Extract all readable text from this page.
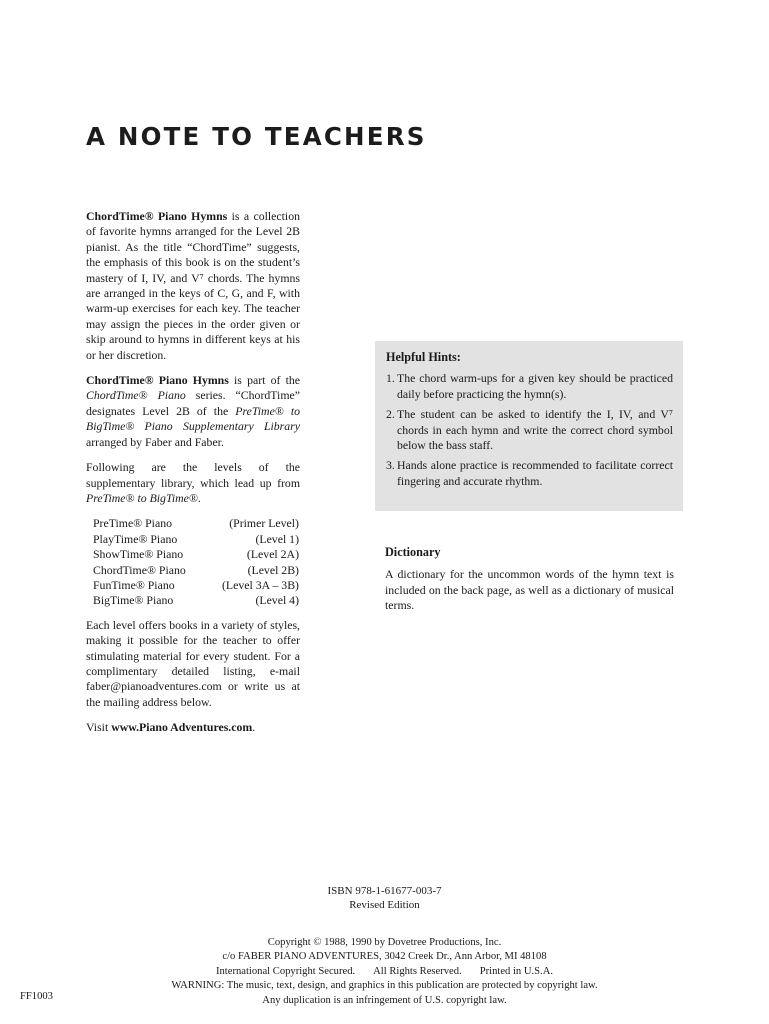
A NOTE TO TEACHERS

ChordTime® Piano Hymns is a collection of favorite hymns arranged for the Level 2B pianist. As the title “ChordTime” suggests, the emphasis of this book is on the student’s mastery of I, IV, and V⁷ chords. The hymns are arranged in the keys of C, G, and F, with warm-up exercises for each key. The teacher may assign the pieces in the order given or skip around to hymns in different keys at his or her discretion.

ChordTime® Piano Hymns is part of the ChordTime® Piano series. “ChordTime” designates Level 2B of the PreTime® to BigTime® Piano Supplementary Library arranged by Faber and Faber.

Following are the levels of the supplementary library, which lead up from PreTime® to BigTime®.

PreTime® Piano	(Primer Level)
PlayTime® Piano	(Level 1)
ShowTime® Piano	(Level 2A)
ChordTime® Piano	(Level 2B)
FunTime® Piano	(Level 3A – 3B)
BigTime® Piano	(Level 4)

Each level offers books in a variety of styles, making it possible for the teacher to offer stimulating material for every student. For a complimentary detailed listing, e-mail faber@pianoadventures.com or write us at the mailing address below.

Visit www.Piano Adventures.com.

Helpful Hints:
1. The chord warm-ups for a given key should be practiced daily before practicing the hymn(s).
2. The student can be asked to identify the I, IV, and V⁷ chords in each hymn and write the correct chord symbol below the bass staff.
3. Hands alone practice is recommended to facilitate correct fingering and accurate rhythm.
Dictionary

A dictionary for the uncommon words of the hymn text is included on the back page, as well as a dictionary of musical terms.

ISBN 978-1-61677-003-7
Revised Edition
Copyright © 1988, 1990 by Dovetree Productions, Inc.
c/o FABER PIANO ADVENTURES, 3042 Creek Dr., Ann Arbor, MI 48108
International Copyright Secured. All Rights Reserved. Printed in U.S.A.
WARNING: The music, text, design, and graphics in this publication are protected by copyright law.
Any duplication is an infringement of U.S. copyright law.
FF1003
